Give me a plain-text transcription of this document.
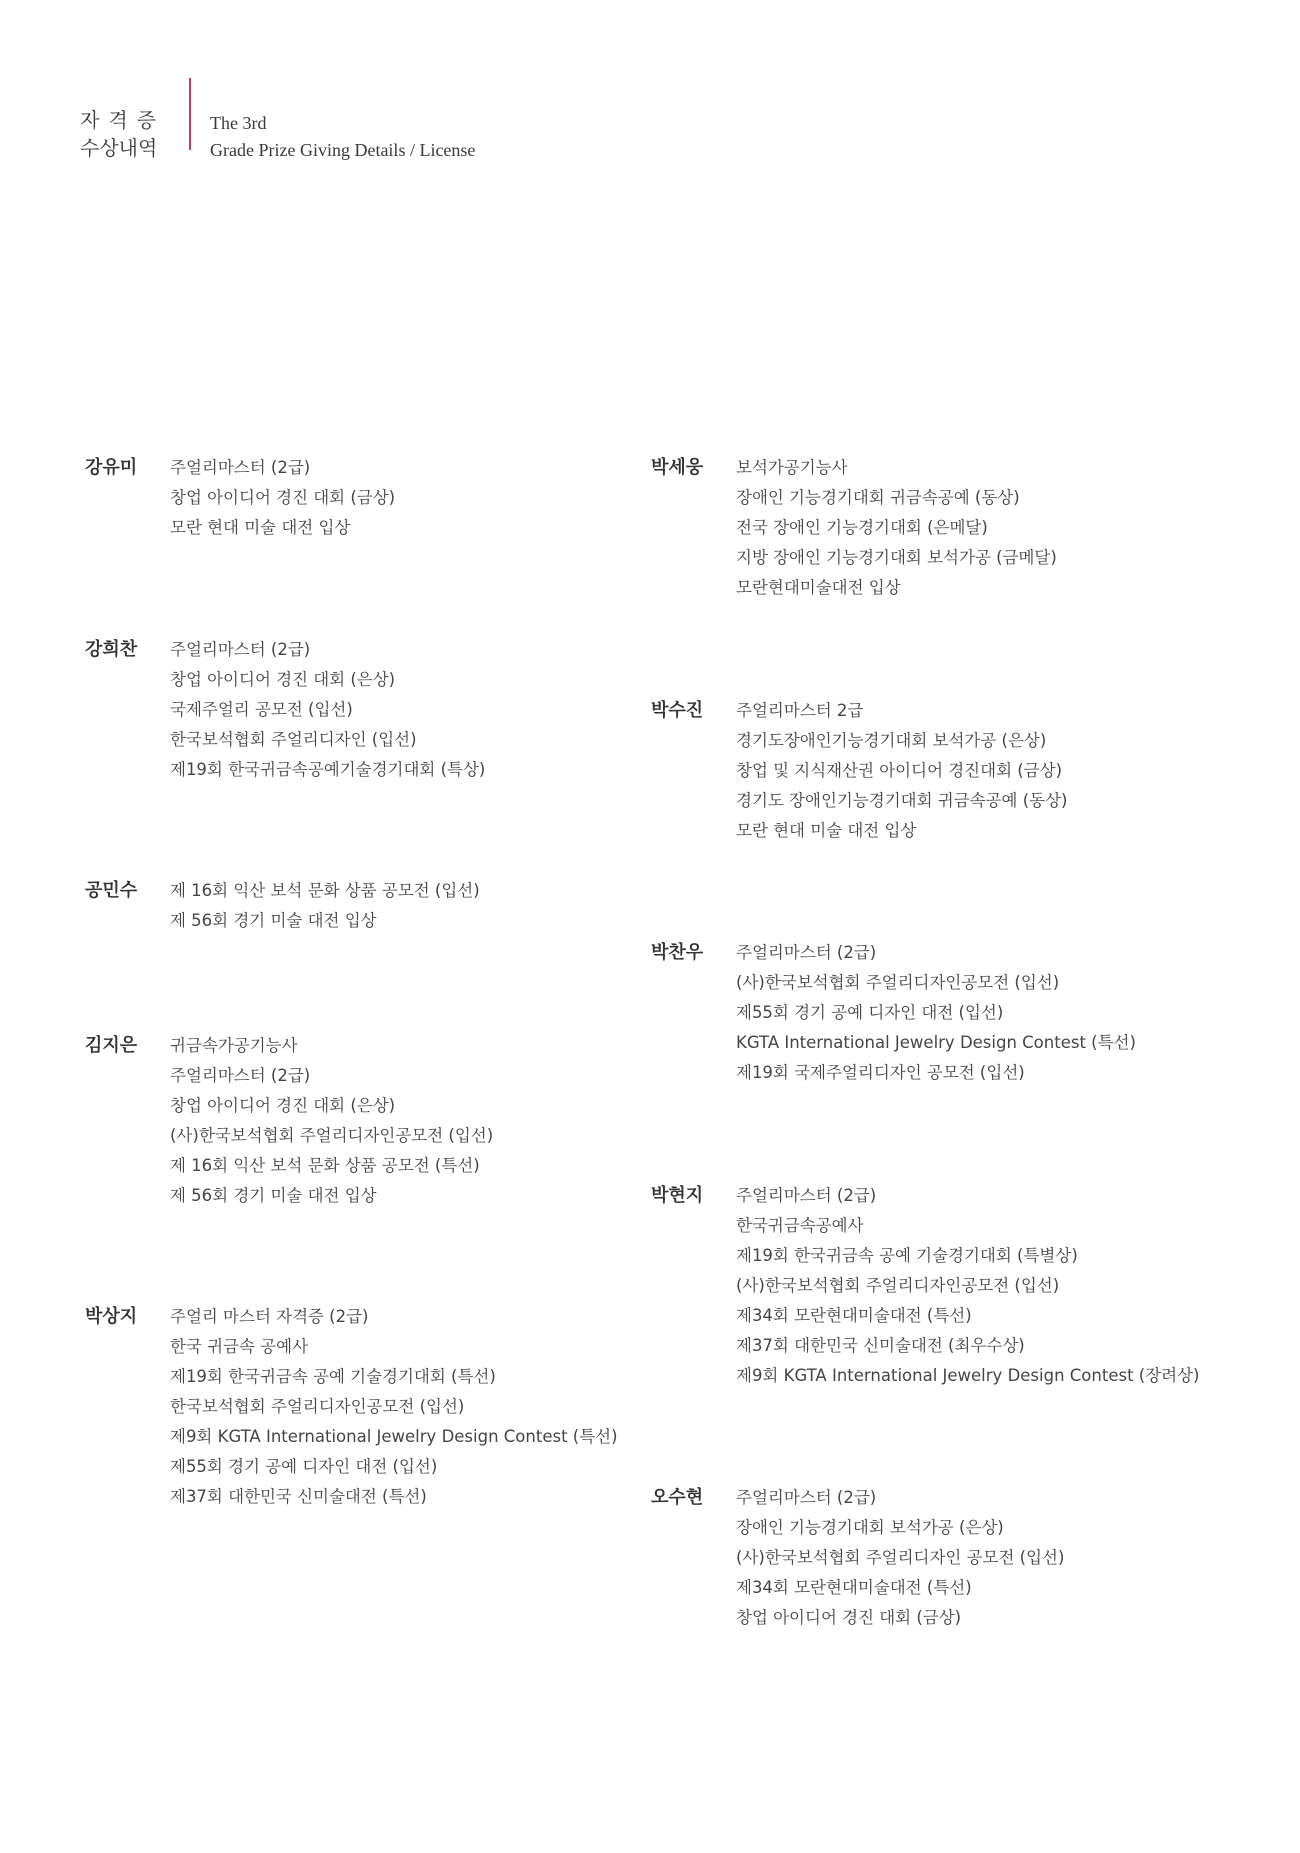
자격증
수상내역
The 3rd
Grade Prize Giving Details / License
강유미 주얼리마스터 (2급)
창업 아이디어 경진 대회 (금상)
모란 현대 미술 대전 입상
강희찬 주얼리마스터 (2급)
창업 아이디어 경진 대회 (은상)
국제주얼리 공모전 (입선)
한국보석협회 주얼리디자인 (입선)
제19회 한국귀금속공예기술경기대회 (특상)
공민수 제 16회 익산 보석 문화 상품 공모전 (입선)
제 56회 경기 미술 대전 입상
김지은 귀금속가공기능사
주얼리마스터 (2급)
창업 아이디어 경진 대회 (은상)
(사)한국보석협회 주얼리디자인공모전 (입선)
제 16회 익산 보석 문화 상품 공모전 (특선)
제 56회 경기 미술 대전 입상
박상지 주얼리 마스터 자격증 (2급)
한국 귀금속 공예사
제19회 한국귀금속 공예 기술경기대회 (특선)
한국보석협회 주얼리디자인공모전 (입선)
제9회 KGTA International Jewelry Design Contest (특선)
제55회 경기 공예 디자인 대전 (입선)
제37회 대한민국 신미술대전 (특선)
박세웅 보석가공기능사
장애인 기능경기대회 귀금속공예 (동상)
전국 장애인 기능경기대회 (은메달)
지방 장애인 기능경기대회 보석가공 (금메달)
모란현대미술대전 입상
박수진 주얼리마스터 2급
경기도장애인기능경기대회 보석가공 (은상)
창업 및 지식재산권 아이디어 경진대회 (금상)
경기도 장애인기능경기대회 귀금속공예 (동상)
모란 현대 미술 대전 입상
박찬우 주얼리마스터 (2급)
(사)한국보석협회 주얼리디자인공모전 (입선)
제55회 경기 공예 디자인 대전 (입선)
KGTA International Jewelry Design Contest (특선)
제19회 국제주얼리디자인 공모전 (입선)
박현지 주얼리마스터 (2급)
한국귀금속공예사
제19회 한국귀금속 공예 기술경기대회 (특별상)
(사)한국보석협회 주얼리디자인공모전 (입선)
제34회 모란현대미술대전 (특선)
제37회 대한민국 신미술대전 (최우수상)
제9회 KGTA International Jewelry Design Contest (장려상)
오수현 주얼리마스터 (2급)
장애인 기능경기대회 보석가공 (은상)
(사)한국보석협회 주얼리디자인 공모전 (입선)
제34회 모란현대미술대전 (특선)
창업 아이디어 경진 대회 (금상)
